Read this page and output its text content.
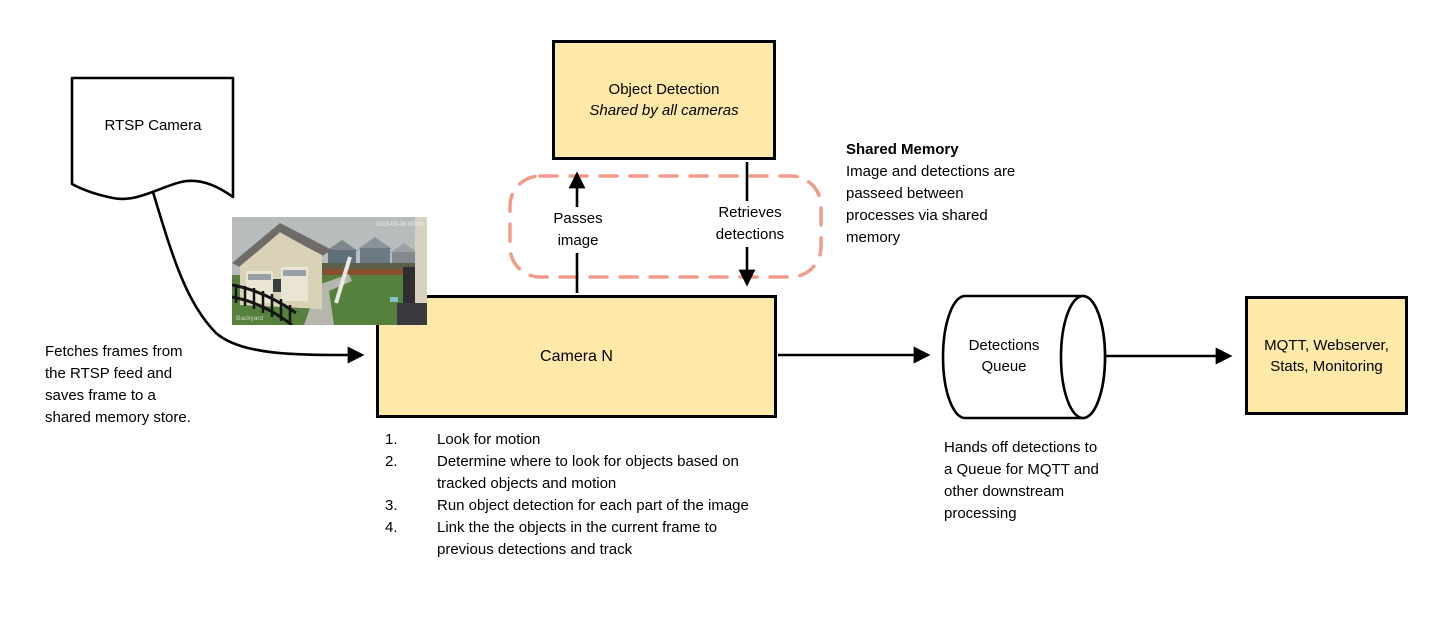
RTSP Camera
Fetches frames from the RTSP feed and saves frame to a shared memory store.
Object Detection
Shared by all cameras
Shared Memory
Image and detections are passeed between processes via shared memory
Passes image
Retrieves detections
Camera N
2019-03-06 00:00
Backyard
1.	Look for motion
2.	Determine where to look for objects based on tracked objects and motion
3.	Run object detection for each part of the image
4.	Link the the objects in the current frame to previous detections and track
Detections Queue
Hands off detections to a Queue for MQTT and other downstream processing
MQTT, Webserver, Stats, Monitoring
